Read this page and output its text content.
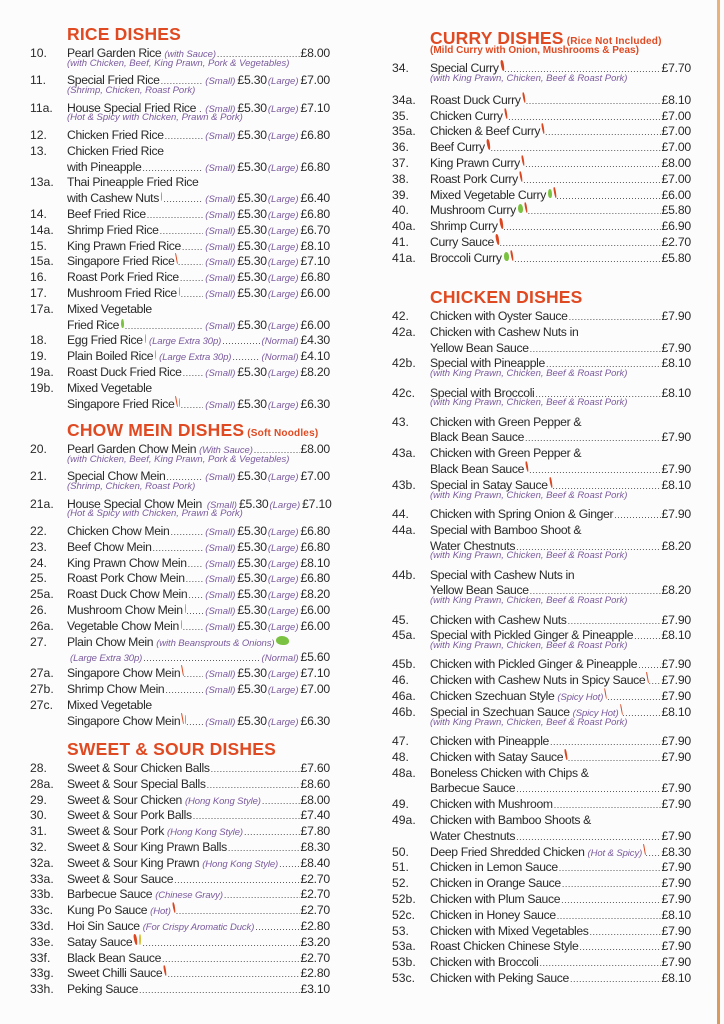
RICE DISHES
10. Pearl Garden Rice (with Sauce) .....	£8.00
(with Chicken, Beef, King Prawn, Pork & Vegetables)
11. Special Fried Rice .....	(Small) £5.30 (Large) £7.00
(Shrimp, Chicken, Roast Pork)
11a. House Special Fried Rice ..... (Small) £5.30 (Large) £7.10
(Hot & Spicy with Chicken, Prawn & Pork)
12. Chicken Fried Rice .....	(Small) £5.30 (Large) £6.80
13. Chicken Fried Rice
with Pineapple .....	(Small) £5.30 (Large) £6.80
13a. Thai Pineapple Fried Rice
with Cashew Nuts .....	(Small) £5.30 (Large) £6.40
14. Beef Fried Rice .....	(Small) £5.30 (Large) £6.80
14a. Shrimp Fried Rice .....	(Small) £5.30 (Large) £6.70
15. King Prawn Fried Rice .....	(Small) £5.30 (Large) £8.10
15a. Singapore Fried Rice .....	(Small) £5.30 (Large) £7.10
16. Roast Pork Fried Rice .....	(Small) £5.30 (Large) £6.80
17. Mushroom Fried Rice .....	(Small) £5.30 (Large) £6.00
17a. Mixed Vegetable
Fried Rice .....	(Small) £5.30 (Large) £6.00
18. Egg Fried Rice (Large Extra 30p) .....	(Normal) £4.30
19. Plain Boiled Rice (Large Extra 30p) .....	(Normal) £4.10
19a. Roast Duck Fried Rice ..... (Small) £5.30 (Large) £8.20
19b. Mixed Vegetable
Singapore Fried Rice .....	(Small) £5.30 (Large) £6.30
CHOW MEIN DISHES (Soft Noodles)
20. Pearl Garden Chow Mein (With Sauce) .....	£8.00
(with Chicken, Beef, King Prawn, Pork & Vegetables)
21. Special Chow Mein .....	(Small) £5.30 (Large) £7.00
(Shrimp, Chicken, Roast Pork)
21a. House Special Chow Mein (Small) £5.30 (Large) £7.10
(Hot & Spicy with Chicken, Prawn & Pork)
22. Chicken Chow Mein .....	(Small) £5.30 (Large) £6.80
23. Beef Chow Mein .....	(Small) £5.30 (Large) £6.80
24. King Prawn Chow Mein ..... (Small) £5.30 (Large) £8.10
25. Roast Pork Chow Mein ..... (Small) £5.30 (Large) £6.80
25a. Roast Duck Chow Mein ..... (Small) £5.30 (Large) £8.20
26. Mushroom Chow Mein ..... (Small) £5.30 (Large) £6.00
26a. Vegetable Chow Mein .....	(Small) £5.30 (Large) £6.00
27. Plain Chow Mein (with Beansprouts & Onions)
(Large Extra 30p) .....	(Normal) £5.60
27a. Singapore Chow Mein .....	(Small) £5.30 (Large) £7.10
27b. Shrimp Chow Mein .....	(Small) £5.30 (Large) £7.00
27c. Mixed Vegetable
Singapore Chow Mein .....	(Small) £5.30 (Large) £6.30
SWEET & SOUR DISHES
28. Sweet & Sour Chicken Balls .....	£7.60
28a. Sweet & Sour Special Balls .....	£8.60
29. Sweet & Sour Chicken (Hong Kong Style) .....	£8.00
30. Sweet & Sour Pork Balls .....	£7.40
31. Sweet & Sour Pork (Hong Kong Style) .....	£7.80
32. Sweet & Sour King Prawn Balls .....	£8.30
32a. Sweet & Sour King Prawn (Hong Kong Style) ..... £8.40
33a. Sweet & Sour Sauce .....	£2.70
33b. Barbecue Sauce (Chinese Gravy) .....	£2.70
33c. Kung Po Sauce (Hot) .....	£2.70
33d. Hoi Sin Sauce (For Crispy Aromatic Duck) .....	£2.80
33e. Satay Sauce .....	£3.20
33f. Black Bean Sauce .....	£2.70
33g. Sweet Chilli Sauce .....	£2.80
33h. Peking Sauce .....	£3.10
CURRY DISHES (Rice Not Included)
(Mild Curry with Onion, Mushrooms & Peas)
34. Special Curry .....	£7.70
(with King Prawn, Chicken, Beef & Roast Pork)
34a. Roast Duck Curry .....	£8.10
35. Chicken Curry .....	£7.00
35a. Chicken & Beef Curry .....	£7.00
36. Beef Curry .....	£7.00
37. King Prawn Curry .....	£8.00
38. Roast Pork Curry .....	£7.00
39. Mixed Vegetable Curry .....	£6.00
40. Mushroom Curry .....	£5.80
40a. Shrimp Curry .....	£6.90
41. Curry Sauce .....	£2.70
41a. Broccoli Curry .....	£5.80
CHICKEN DISHES
42. Chicken with Oyster Sauce .....	£7.90
42a. Chicken with Cashew Nuts in
Yellow Bean Sauce .....	£7.90
42b. Special with Pineapple .....	£8.10
(with King Prawn, Chicken, Beef & Roast Pork)
42c. Special with Broccoli .....	£8.10
(with King Prawn, Chicken, Beef & Roast Pork)
43. Chicken with Green Pepper &
Black Bean Sauce .....	£7.90
43a. Chicken with Green Pepper &
Black Bean Sauce .....	£7.90
43b. Special in Satay Sauce .....	£8.10
(with King Prawn, Chicken, Beef & Roast Pork)
44. Chicken with Spring Onion & Ginger .....	£7.90
44a. Special with Bamboo Shoot &
Water Chestnuts .....	£8.20
(with King Prawn, Chicken, Beef & Roast Pork)
44b. Special with Cashew Nuts in
Yellow Bean Sauce .....	£8.20
(with King Prawn, Chicken, Beef & Roast Pork)
45. Chicken with Cashew Nuts .....	£7.90
45a. Special with Pickled Ginger & Pineapple ..... £8.10
(with King Prawn, Chicken, Beef & Roast Pork)
45b. Chicken with Pickled Ginger & Pineapple ..... £7.90
46. Chicken with Cashew Nuts in Spicy Sauce ..... £7.90
46a. Chicken Szechuan Style (Spicy Hot) .....	£7.90
46b. Special in Szechuan Sauce (Spicy Hot) .....	£8.10
(with King Prawn, Chicken, Beef & Roast Pork)
47. Chicken with Pineapple .....	£7.90
48. Chicken with Satay Sauce .....	£7.90
48a. Boneless Chicken with Chips &
Barbecue Sauce .....	£7.90
49. Chicken with Mushroom .....	£7.90
49a. Chicken with Bamboo Shoots &
Water Chestnuts .....	£7.90
50. Deep Fried Shredded Chicken (Hot & Spicy) ..... £8.30
51. Chicken in Lemon Sauce .....	£7.90
52. Chicken in Orange Sauce .....	£7.90
52b. Chicken with Plum Sauce .....	£7.90
52c. Chicken in Honey Sauce .....	£8.10
53. Chicken with Mixed Vegetables .....	£7.90
53a. Roast Chicken Chinese Style .....	£7.90
53b. Chicken with Broccoli .....	£7.90
53c. Chicken with Peking Sauce .....	£8.10
